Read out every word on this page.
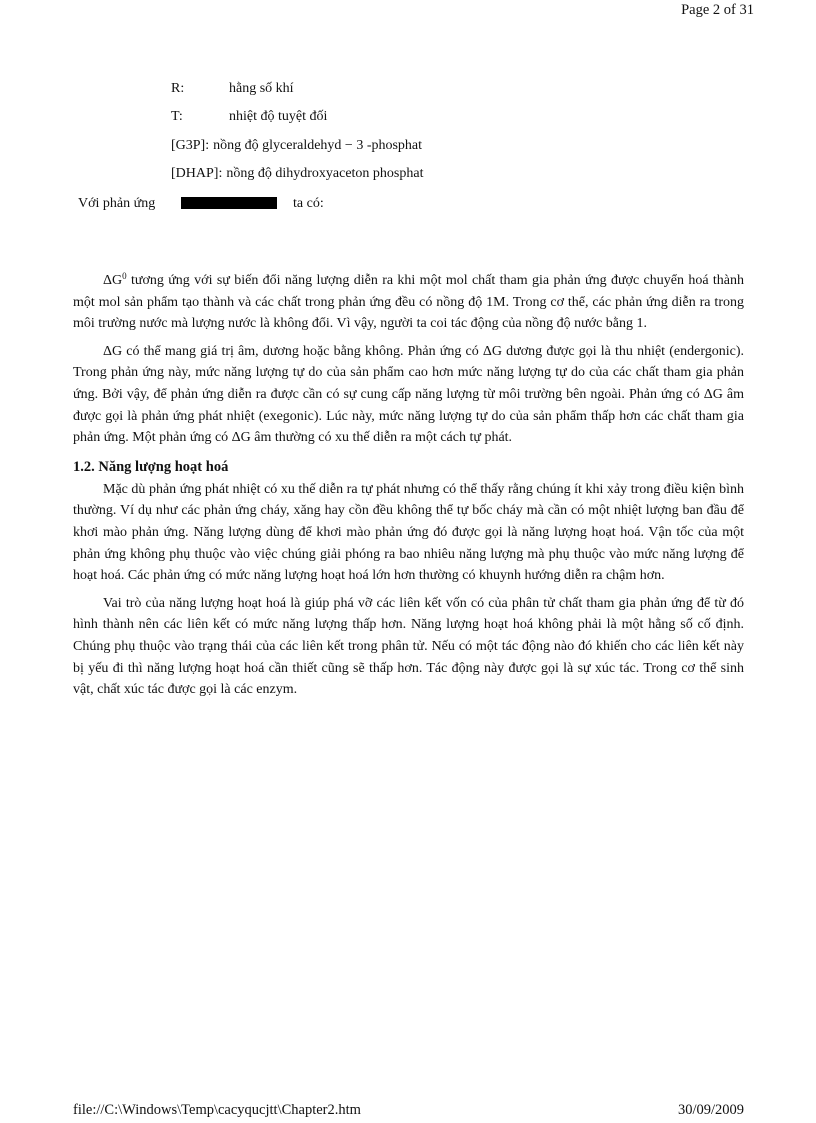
Page 2 of 31
R:	hằng số khí
T:	nhiệt độ tuyệt đối
[G3P]: nồng độ glyceraldehyd − 3 -phosphat
[DHAP]: nồng độ dihydroxyaceton phosphat
Với phản ứng	ta có:

$\Delta G^0$ tương ứng với sự biến đổi năng lượng diễn ra khi một mol chất tham gia phản ứng được chuyển hoá thành một mol sản phẩm tạo thành và các chất trong phản ứng đều có nồng độ 1M. Trong cơ thể, các phản ứng diễn ra trong môi trường nước mà lượng nước là không đổi. Vì vậy, người ta coi tác động của nồng độ nước bằng 1.

ΔG có thể mang giá trị âm, dương hoặc bằng không. Phản ứng có ΔG dương được gọi là thu nhiệt (endergonic). Trong phản ứng này, mức năng lượng tự do của sản phẩm cao hơn mức năng lượng tự do của các chất tham gia phản ứng. Bởi vậy, để phản ứng diễn ra được cần có sự cung cấp năng lượng từ môi trường bên ngoài. Phản ứng có ΔG âm được gọi là phản ứng phát nhiệt (exegonic). Lúc này, mức năng lượng tự do của sản phẩm thấp hơn các chất tham gia phản ứng. Một phản ứng có ΔG âm thường có xu thế diễn ra một cách tự phát.

1.2. Năng lượng hoạt hoá

Mặc dù phản ứng phát nhiệt có xu thế diễn ra tự phát nhưng có thể thấy rằng chúng ít khi xảy trong điều kiện bình thường. Ví dụ như các phản ứng cháy, xăng hay cồn đều không thể tự bốc cháy mà cần có một nhiệt lượng ban đầu để khơi mào phản ứng. Năng lượng dùng để khơi mào phản ứng đó được gọi là năng lượng hoạt hoá. Vận tốc của một phản ứng không phụ thuộc vào việc chúng giải phóng ra bao nhiêu năng lượng mà phụ thuộc vào mức năng lượng để hoạt hoá. Các phản ứng có mức năng lượng hoạt hoá lớn hơn thường có khuynh hướng diễn ra chậm hơn.

Vai trò của năng lượng hoạt hoá là giúp phá vỡ các liên kết vốn có của phân tử chất tham gia phản ứng để từ đó hình thành nên các liên kết có mức năng lượng thấp hơn. Năng lượng hoạt hoá không phải là một hằng số cố định. Chúng phụ thuộc vào trạng thái của các liên kết trong phân tử. Nếu có một tác động nào đó khiến cho các liên kết này bị yếu đi thì năng lượng hoạt hoá cần thiết cũng sẽ thấp hơn. Tác động này được gọi là sự xúc tác. Trong cơ thể sinh vật, chất xúc tác được gọi là các enzym.

file://C:\Windows\Temp\cacyqucjtt\Chapter2.htm	30/09/2009
